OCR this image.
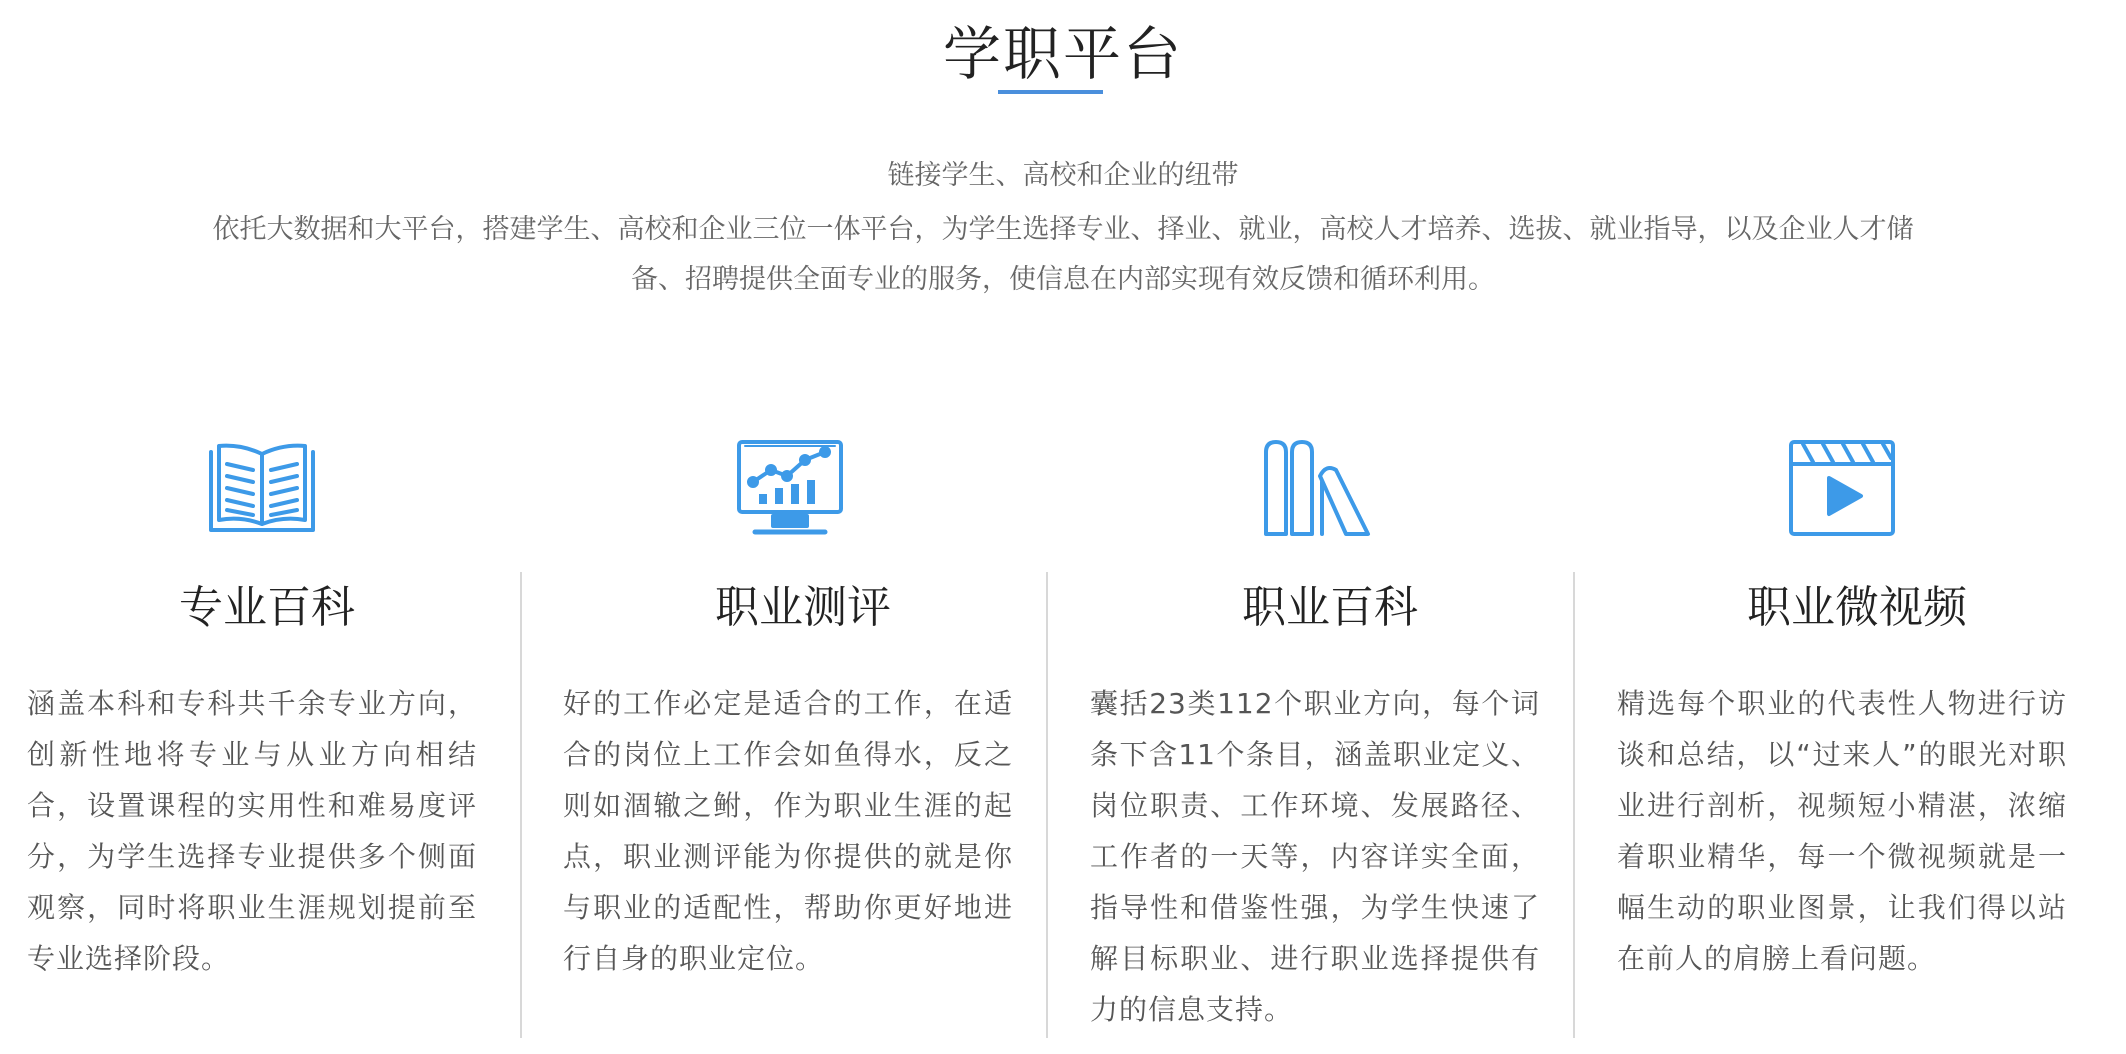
学职平台
链接学生、高校和企业的纽带
依托大数据和大平台，搭建学生、高校和企业三位一体平台，为学生选择专业、择业、就业，高校人才培养、选拔、就业指导，以及企业人才储备、招聘提供全面专业的服务，使信息在内部实现有效反馈和循环利用。
专业百科
涵盖本科和专科共千余专业方向，创新性地将专业与从业方向相结合，设置课程的实用性和难易度评分，为学生选择专业提供多个侧面观察，同时将职业生涯规划提前至专业选择阶段。
职业测评
好的工作必定是适合的工作，在适合的岗位上工作会如鱼得水，反之则如涸辙之鲋，作为职业生涯的起点，职业测评能为你提供的就是你与职业的适配性，帮助你更好地进行自身的职业定位。
职业百科
囊括23类112个职业方向，每个词条下含11个条目，涵盖职业定义、岗位职责、工作环境、发展路径、工作者的一天等，内容详实全面，指导性和借鉴性强，为学生快速了解目标职业、进行职业选择提供有力的信息支持。
职业微视频
精选每个职业的代表性人物进行访谈和总结，以“过来人”的眼光对职业进行剖析，视频短小精湛，浓缩着职业精华，每一个微视频就是一幅生动的职业图景，让我们得以站在前人的肩膀上看问题。
